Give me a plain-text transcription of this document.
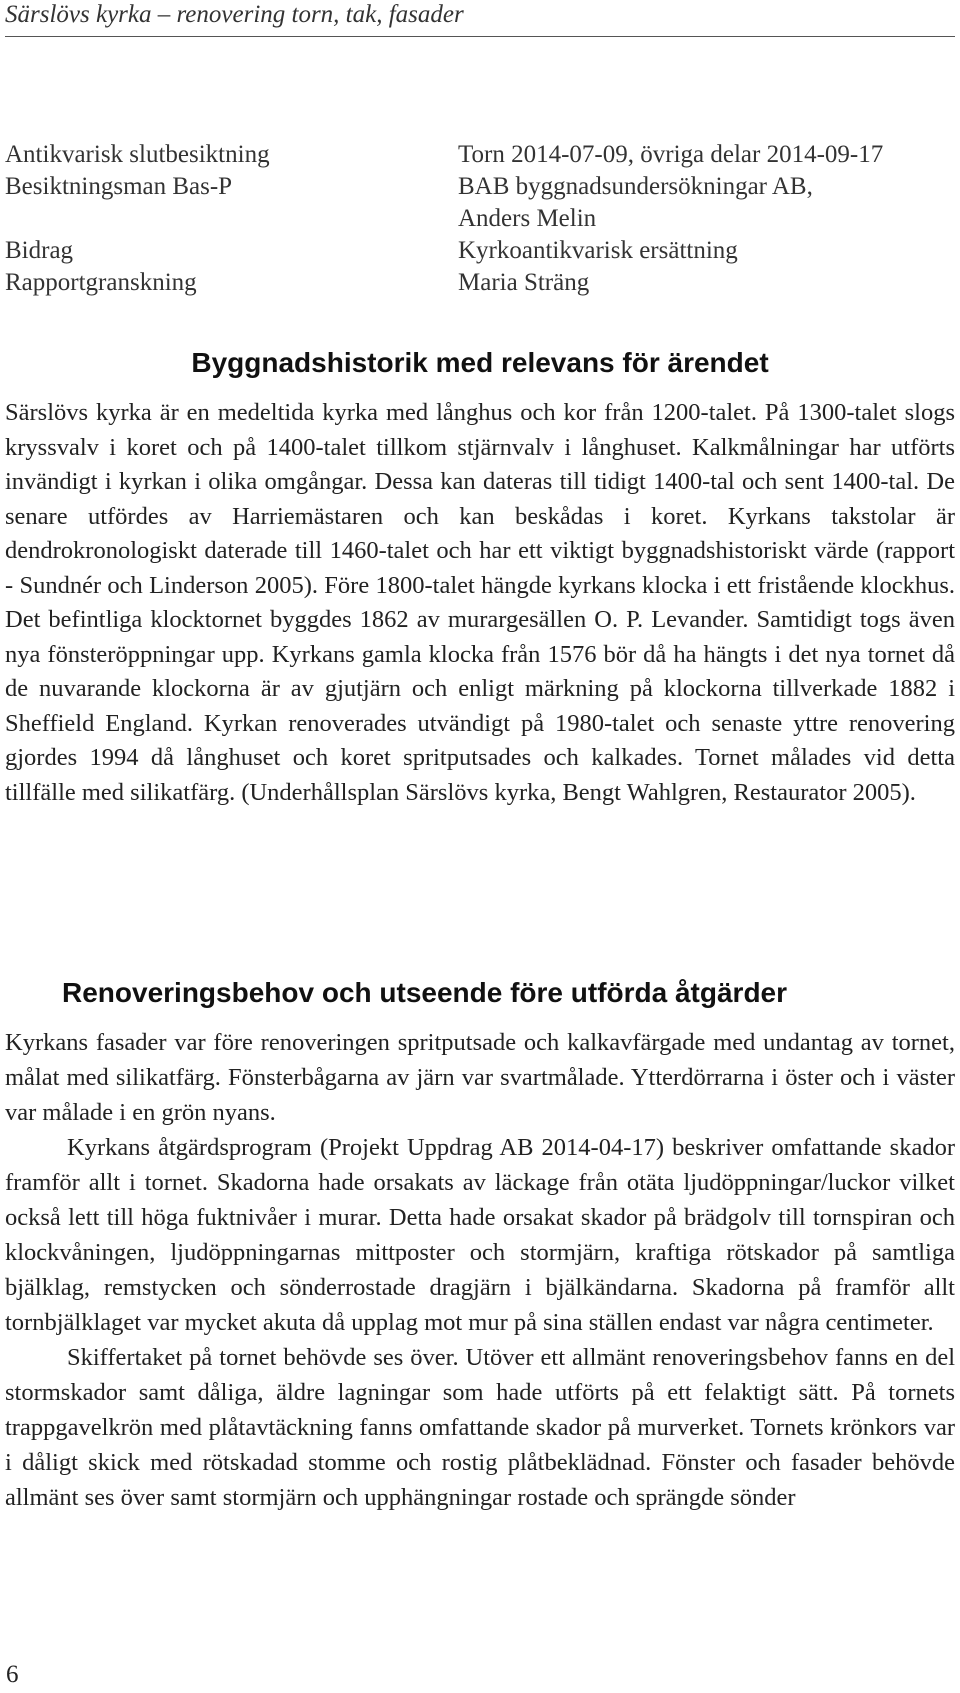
Särslövs kyrka – renovering torn, tak, fasader
Antikvarisk slutbesiktning	Torn 2014-07-09, övriga delar 2014-09-17
Besiktningsman Bas-P	BAB byggnadsundersökningar AB,
Anders Melin
Bidrag	Kyrkoantikvarisk ersättning
Rapportgranskning	Maria Sträng
Byggnadshistorik med relevans för ärendet

Särslövs kyrka är en medeltida kyrka med långhus och kor från 1200-talet. På 1300-talet slogs kryssvalv i koret och på 1400-talet tillkom stjärnvalv i långhuset. Kalkmålningar har utförts invändigt i kyrkan i olika omgångar. Dessa kan dateras till tidigt 1400-tal och sent 1400-tal. De senare utfördes av Harriemästaren och kan beskådas i koret. Kyrkans takstolar är dendrokronologiskt daterade till 1460-talet och har ett viktigt byggnadshistoriskt värde (rapport - Sundnér och Linderson 2005). Före 1800-talet hängde kyrkans klocka i ett fristående klockhus. Det befintliga klocktornet byggdes 1862 av murargesällen O. P. Levander. Samtidigt togs även nya fönsteröppningar upp. Kyrkans gamla klocka från 1576 bör då ha hängts i det nya tornet då de nuvarande klockorna är av gjutjärn och enligt märkning på klockorna tillverkade 1882 i Sheffield England. Kyrkan renoverades utvändigt på 1980-talet och senaste yttre renovering gjordes 1994 då långhuset och koret spritputsades och kalkades. Tornet målades vid detta tillfälle med silikatfärg. (Underhållsplan Särslövs kyrka, Bengt Wahlgren, Restaurator 2005).

Renoveringsbehov och utseende före utförda åtgärder

Kyrkans fasader var före renoveringen spritputsade och kalkavfärgade med undantag av tornet, målat med silikatfärg. Fönsterbågarna av järn var svartmålade. Ytterdörrarna i öster och i väster var målade i en grön nyans.

Kyrkans åtgärdsprogram (Projekt Uppdrag AB 2014-04-17) beskriver omfattande skador framför allt i tornet. Skadorna hade orsakats av läckage från otäta ljudöppningar/luckor vilket också lett till höga fuktnivåer i murar. Detta hade orsakat skador på brädgolv till tornspiran och klockvåningen, ljudöppningarnas mittposter och stormjärn, kraftiga rötskador på samtliga bjälklag, remstycken och sönderrostade dragjärn i bjälkändarna. Skadorna på framför allt tornbjälklaget var mycket akuta då upplag mot mur på sina ställen endast var några centimeter.

Skiffertaket på tornet behövde ses över. Utöver ett allmänt renoveringsbehov fanns en del stormskador samt dåliga, äldre lagningar som hade utförts på ett felaktigt sätt. På tornets trappgavelkrön med plåtavtäckning fanns omfattande skador på murverket. Tornets krönkors var i dåligt skick med rötskadad stomme och rostig plåtbeklädnad. Fönster och fasader behövde allmänt ses över samt stormjärn och upphängningar rostade och sprängde sönder

6
